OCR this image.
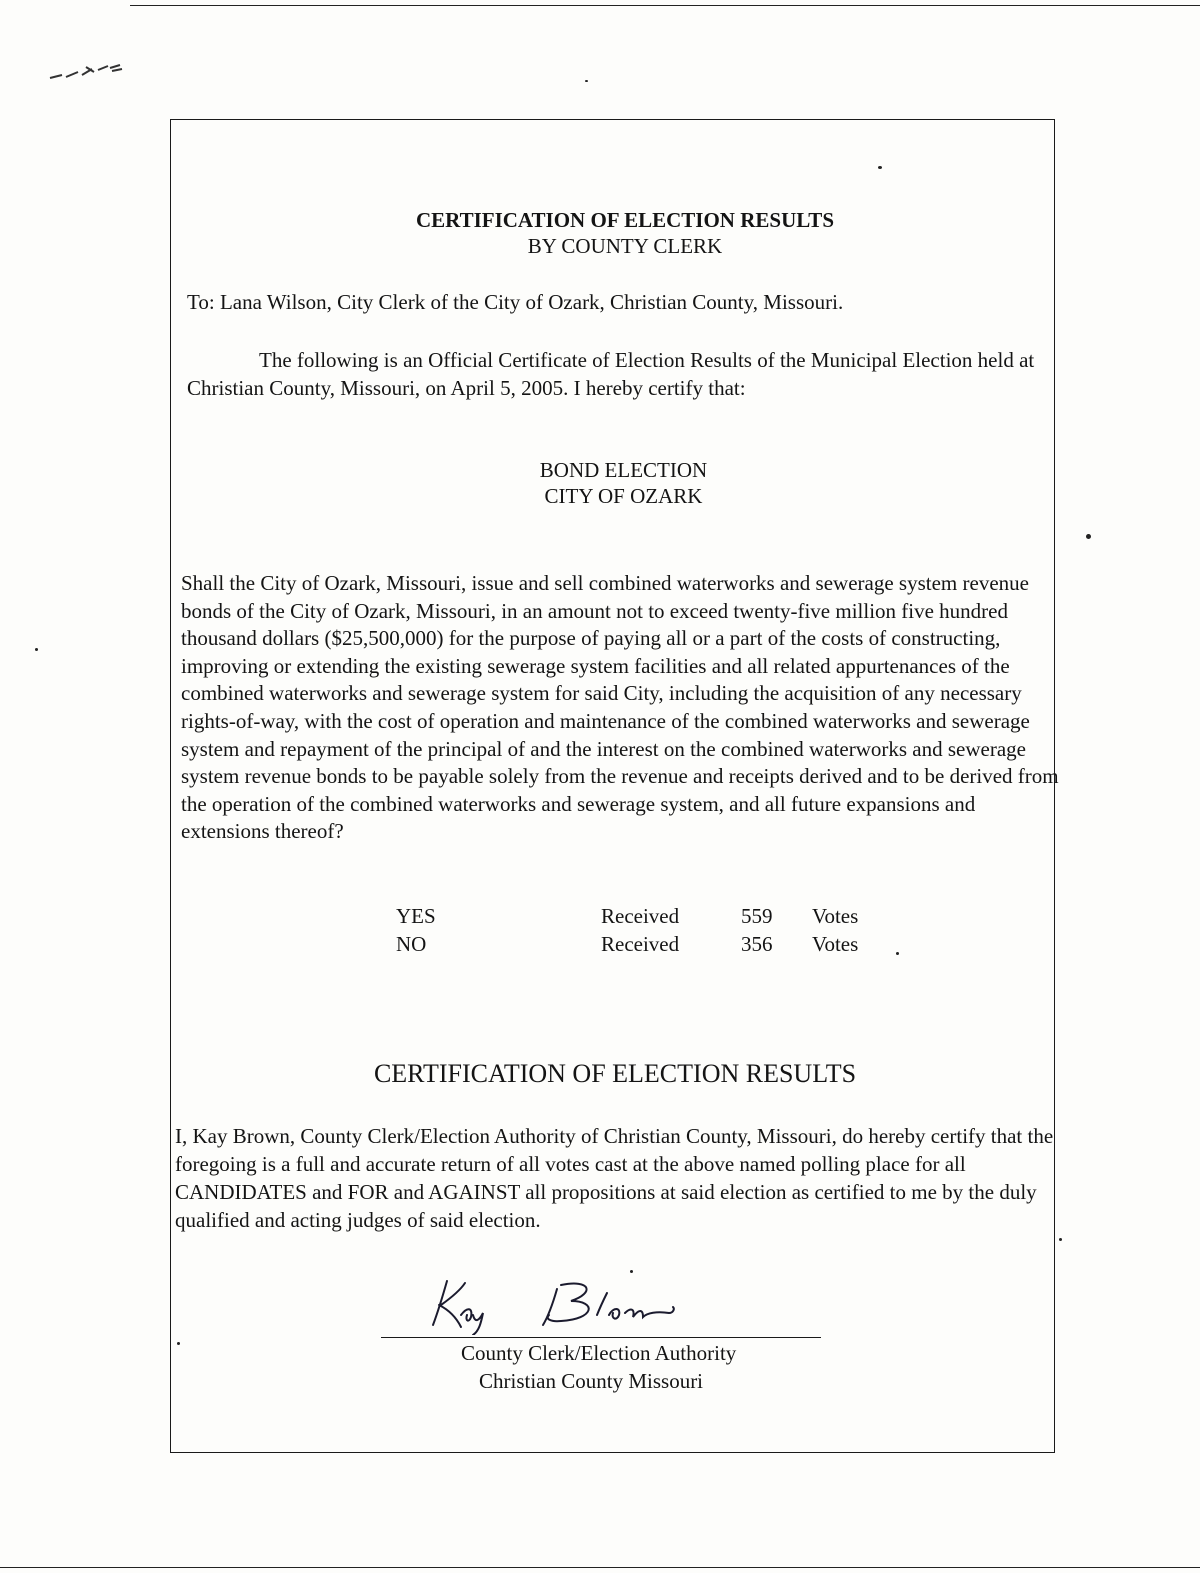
CERTIFICATION OF ELECTION RESULTS
BY COUNTY CLERK
To: Lana Wilson, City Clerk of the City of Ozark, Christian County, Missouri.
The following is an Official Certificate of Election Results of the Municipal Election held at Christian County, Missouri, on April 5, 2005. I hereby certify that:
BOND ELECTION
CITY OF OZARK
Shall the City of Ozark, Missouri, issue and sell combined waterworks and sewerage system revenue bonds of the City of Ozark, Missouri, in an amount not to exceed twenty-five million five hundred thousand dollars ($25,500,000) for the purpose of paying all or a part of the costs of constructing, improving or extending the existing sewerage system facilities and all related appurtenances of the combined waterworks and sewerage system for said City, including the acquisition of any necessary rights-of-way, with the cost of operation and maintenance of the combined waterworks and sewerage system and repayment of the principal of and the interest on the combined waterworks and sewerage system revenue bonds to be payable solely from the revenue and receipts derived and to be derived from the operation of the combined waterworks and sewerage system, and all future expansions and extensions thereof?
YES	Received	559 Votes
NO	Received	356 Votes
CERTIFICATION OF ELECTION RESULTS
I, Kay Brown, County Clerk/Election Authority of Christian County, Missouri, do hereby certify that the foregoing is a full and accurate return of all votes cast at the above named polling place for all CANDIDATES and FOR and AGAINST all propositions at said election as certified to me by the duly qualified and acting judges of said election.
County Clerk/Election Authority
Christian County Missouri
